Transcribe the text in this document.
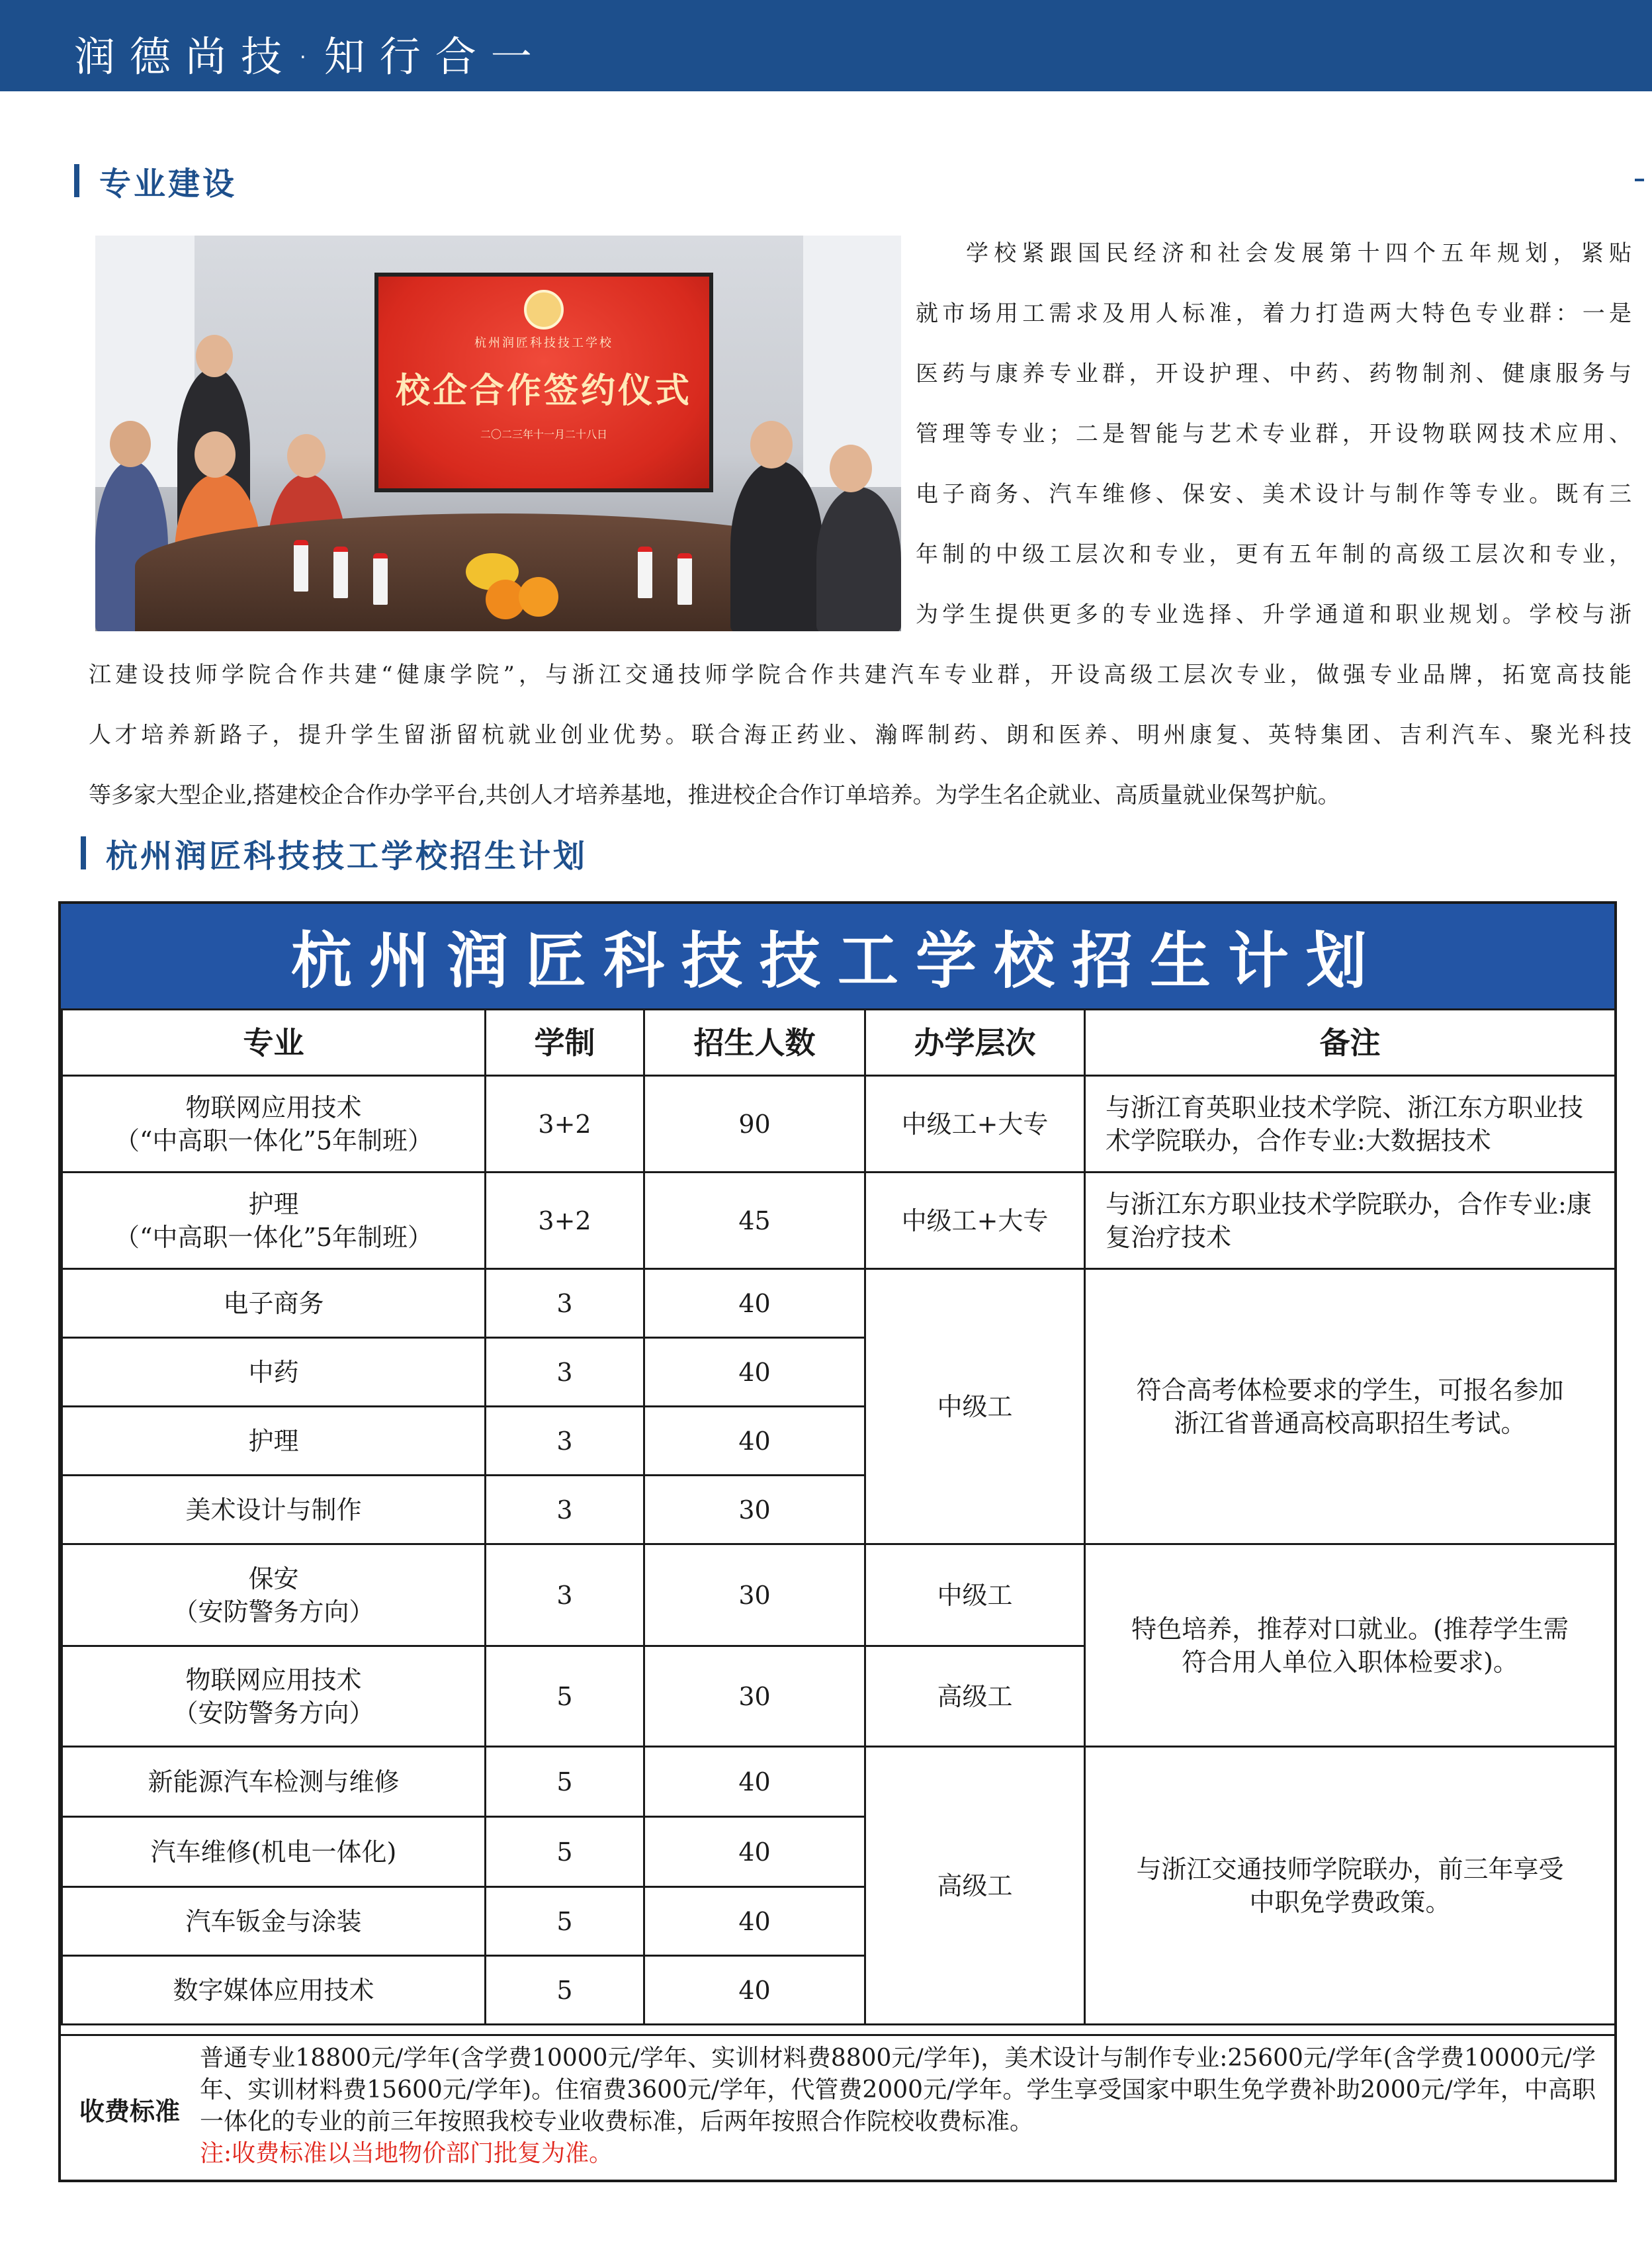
润德尚技·知行合一
专业建设
杭州润匠科技技工学校
校企合作签约仪式
二〇二三年十一月二十八日

学校紧跟国民经济和社会发展第十四个五年规划，紧贴

就市场用工需求及用人标准，着力打造两大特色专业群：一是

医药与康养专业群，开设护理、中药、药物制剂、健康服务与

管理等专业；二是智能与艺术专业群，开设物联网技术应用、

电子商务、汽车维修、保安、美术设计与制作等专业。既有三

年制的中级工层次和专业，更有五年制的高级工层次和专业，

为学生提供更多的专业选择、升学通道和职业规划。学校与浙

江建设技师学院合作共建“健康学院”，与浙江交通技师学院合作共建汽车专业群，开设高级工层次专业，做强专业品牌，拓宽高技能

人才培养新路子，提升学生留浙留杭就业创业优势。联合海正药业、瀚晖制药、朗和医养、明州康复、英特集团、吉利汽车、聚光科技

等多家大型企业,搭建校企合作办学平台,共创人才培养基地，推进校企合作订单培养。为学生名企就业、高质量就业保驾护航。

杭州润匠科技技工学校招生计划
杭州润匠科技技工学校招生计划
专业	学制	招生人数	办学层次	备注

物联网应用技术
（“中高职一体化”5年制班）	3+2	90	中级工+大专	与浙江育英职业技术学院、浙江东方职业技术学院联办，合作专业:大数据技术

护理
（“中高职一体化”5年制班）	3+2	45	中级工+大专	与浙江东方职业技术学院联办，合作专业:康复治疗技术
电子商务	3	40	中级工	符合高考体检要求的学生，可报名参加浙江省普通高校高职招生考试。
中药	3	40		
护理	3	40		
美术设计与制作	3	30		

保安
（安防警务方向）	3	30	中级工	特色培养，推荐对口就业。(推荐学生需符合用人单位入职体检要求)。

物联网应用技术
（安防警务方向）	5	30	高级工	
新能源汽车检测与维修	5	40	高级工	与浙江交通技师学院联办，前三年享受中职免学费政策。
汽车维修(机电一体化)	5	40		
汽车钣金与涂装	5	40		
数字媒体应用技术	5	40		
收费标准

普通专业18800元/学年(含学费10000元/学年、实训材料费8800元/学年)，美术设计与制作专业:25600元/学年(含学费10000元/学年、实训材料费15600元/学年)。住宿费3600元/学年，代管费2000元/学年。学生享受国家中职生免学费补助2000元/学年，中高职一体化的专业的前三年按照我校专业收费标准，后两年按照合作院校收费标准。

注:收费标准以当地物价部门批复为准。
